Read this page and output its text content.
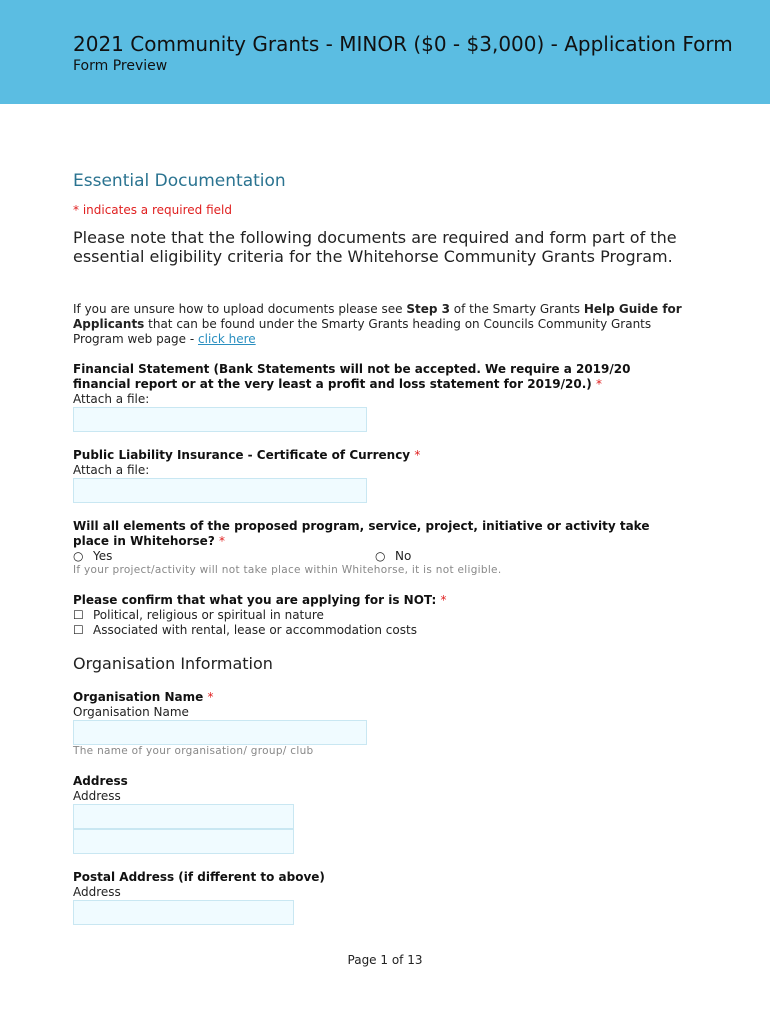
2021 Community Grants - MINOR ($0 - $3,000) - Application Form
Form Preview
Essential Documentation
* indicates a required field
Please note that the following documents are required and form part of the essential eligibility criteria for the Whitehorse Community Grants Program.
If you are unsure how to upload documents please see Step 3 of the Smarty Grants Help Guide for Applicants that can be found under the Smarty Grants heading on Councils Community Grants Program web page - click here
Financial Statement (Bank Statements will not be accepted. We require a 2019/20 financial report or at the very least a profit and loss statement for 2019/20.) *
Attach a file:
Public Liability Insurance - Certificate of Currency *
Attach a file:
Will all elements of the proposed program, service, project, initiative or activity take place in Whitehorse? *
○ Yes	○ No
If your project/activity will not take place within Whitehorse, it is not eligible.
Please confirm that what you are applying for is NOT: *
☐ Political, religious or spiritual in nature
☐ Associated with rental, lease or accommodation costs
Organisation Information
Organisation Name *
Organisation Name
The name of your organisation/ group/ club
Address
Address
Postal Address (if different to above)
Address
Page 1 of 13
